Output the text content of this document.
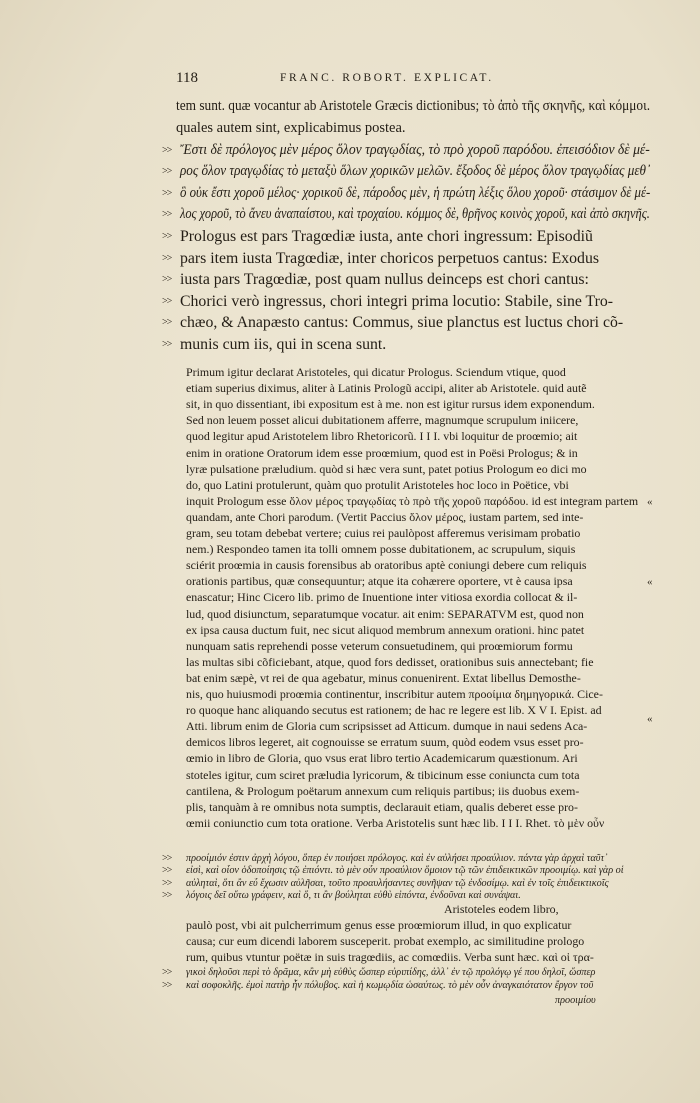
118	FRANC. ROBORT. EXPLICAT.
tem sunt. quæ vocantur ab Aristotele Græcis dictionibus; τὸ ἀπὸ τῆς σκηνῆς, καὶ κόμμοι.
quales autem sint, explicabimus postea.
Ἔστι δὲ πρόλογος μὲν μέρος ὅλον τραγῳδίας, τὸ πρὸ χοροῦ παρόδου. ἐπεισόδιον δὲ μέ-
>>
ρος ὅλον τραγῳδίας τὸ μεταξὺ ὅλων χορικῶν μελῶν. ἔξοδος δὲ μέρος ὅλον τραγῳδίας μεθ᾽
>>
ὃ οὐκ ἔστι χοροῦ μέλος· χορικοῦ δὲ, πάροδος μὲν, ἡ πρώτη λέξις ὅλου χοροῦ· στάσιμον δὲ μέ-
>>
λος χοροῦ, τὸ ἄνευ ἀναπαίστου, καὶ τροχαίου. κόμμος δὲ, θρῆνος κοινὸς χοροῦ, καὶ ἀπὸ σκηνῆς.
>>
Prologus est pars Tragœdiæ iusta, ante chori ingressum: Episodiũ
>>
pars item iusta Tragœdiæ, inter choricos perpetuos cantus: Exodus
>>
iusta pars Tragœdiæ, post quam nullus deinceps est chori cantus:
>>
Chorici verò ingressus, chori integri prima locutio: Stabile, sine Tro-
>>
chæo, & Anapæsto cantus: Commus, siue planctus est luctus chori cõ-
>>
munis cum iis, qui in scena sunt.
>>
Primum igitur declarat Aristoteles, qui dicatur Prologus. Sciendum vtique, quod
etiam superius diximus, aliter à Latinis Prologũ accipi, aliter ab Aristotele. quid autẽ
sit, in quo dissentiant, ibi expositum est à me. non est igitur rursus idem exponendum.
Sed non leuem posset alicui dubitationem afferre, magnumque scrupulum iniicere,
quod legitur apud Aristotelem libro Rhetoricorũ. I I I. vbi loquitur de proœmio; ait
enim in oratione Oratorum idem esse proœmium, quod est in Poësi Prologus; & in
lyræ pulsatione præludium. quòd si hæc vera sunt, patet potius Prologum eo dici mo
do, quo Latini protulerunt, quàm quo protulit Aristoteles hoc loco in Poëtice, vbi
inquit Prologum esse ὅλον μέρος τραγῳδίας τὸ πρὸ τῆς χοροῦ παρόδου. id est integram partem
quandam, ante Chori parodum. (Vertit Paccius ὅλον μέρος, iustam partem, sed inte-
gram, seu totam debebat vertere; cuius rei paulòpost afferemus verisimam probatio
nem.) Respondeo tamen ita tolli omnem posse dubitationem, ac scrupulum, siquis
sciérit proœmia in causis forensibus ab oratoribus aptè coniungi debere cum reliquis
orationis partibus, quæ consequuntur; atque ita cohærere oportere, vt è causa ipsa
enascatur; Hinc Cicero lib. primo de Inuentione inter vitiosa exordia collocat & il-
lud, quod disiunctum, separatumque vocatur. ait enim: SEPARATVM est, quod non
ex ipsa causa ductum fuit, nec sicut aliquod membrum annexum orationi. hinc patet
nunquam satis reprehendi posse veterum consuetudinem, qui proœmiorum formu
las multas sibi cõficiebant, atque, quod fors dedisset, orationibus suis annectebant; fie
bat enim sæpè, vt rei de qua agebatur, minus conuenirent. Extat libellus Demosthe-
nis, quo huiusmodi proœmia continentur, inscribitur autem προοίμια δημηγορικά. Cice-
ro quoque hanc aliquando secutus est rationem; de hac re legere est lib. X V I. Epist. ad
Atti. librum enim de Gloria cum scripsisset ad Atticum. dumque in naui sedens Aca-
demicos libros legeret, ait cognouisse se erratum suum, quòd eodem vsus esset pro-
œmio in libro de Gloria, quo vsus erat libro tertio Academicarum quæstionum. Ari
stoteles igitur, cum sciret præludia lyricorum, & tibicinum esse coniuncta cum tota
cantilena, & Prologum poëtarum annexum cum reliquis partibus; iis duobus exem-
plis, tanquàm à re omnibus nota sumptis, declarauit etiam, qualis deberet esse pro-
œmii coniunctio cum tota oratione. Verba Aristotelis sunt hæc lib. I I I. Rhet. τὸ μὲν οὖν
προοίμιόν ἐστιν ἀρχὴ λόγου, ὅπερ ἐν ποιήσει πρόλογος. καὶ ἐν αὐλήσει προαύλιον. πάντα γὰρ ἀρχαὶ ταῦτ᾽
>>
εἰσὶ, καὶ οἷον ὁδοποίησις τῷ ἐπιόντι. τὸ μὲν οὖν προαύλιον ὅμοιον τῷ τῶν ἐπιδεικτικῶν προοιμίῳ. καὶ γὰρ οἱ
>>
αὐληταὶ, ὅτι ἂν εὖ ἔχωσιν αὐλῆσαι, τοῦτο προαυλήσαντες συνῆψαν τῷ ἐνδοσίμῳ. καὶ ἐν τοῖς ἐπιδεικτικοῖς
>>
λόγοις δεῖ οὕτω γράφειν, καὶ ὅ, τι ἂν βούληται εὐθὺ εἰπόντα, ἐνδοῦναι καὶ συνάψαι.
>>
Aristoteles eodem libro,
paulò post, vbi ait pulcherrimum genus esse proœmiorum illud, in quo explicatur
causa; cur eum dicendi laborem susceperit. probat exemplo, ac similitudine prologo
rum, quibus vtuntur poëtæ in suis tragœdiis, ac comœdiis. Verba sunt hæc. καὶ οἱ τρα-
γικοὶ δηλοῦσι περὶ τὸ δρᾶμα, κἂν μὴ εὐθὺς ὥσπερ εὐριπίδης, ἀλλ᾽ ἐν τῷ προλόγῳ γέ που δηλοῖ, ὥσπερ
>>
καὶ σοφοκλῆς. ἐμοὶ πατὴρ ἦν πόλυβος. καὶ ἡ κωμῳδία ὡσαύτως. τὸ μὲν οὖν ἀναγκαιότατον ἔργον τοῦ
>>
προοιμίου
«
«
«
